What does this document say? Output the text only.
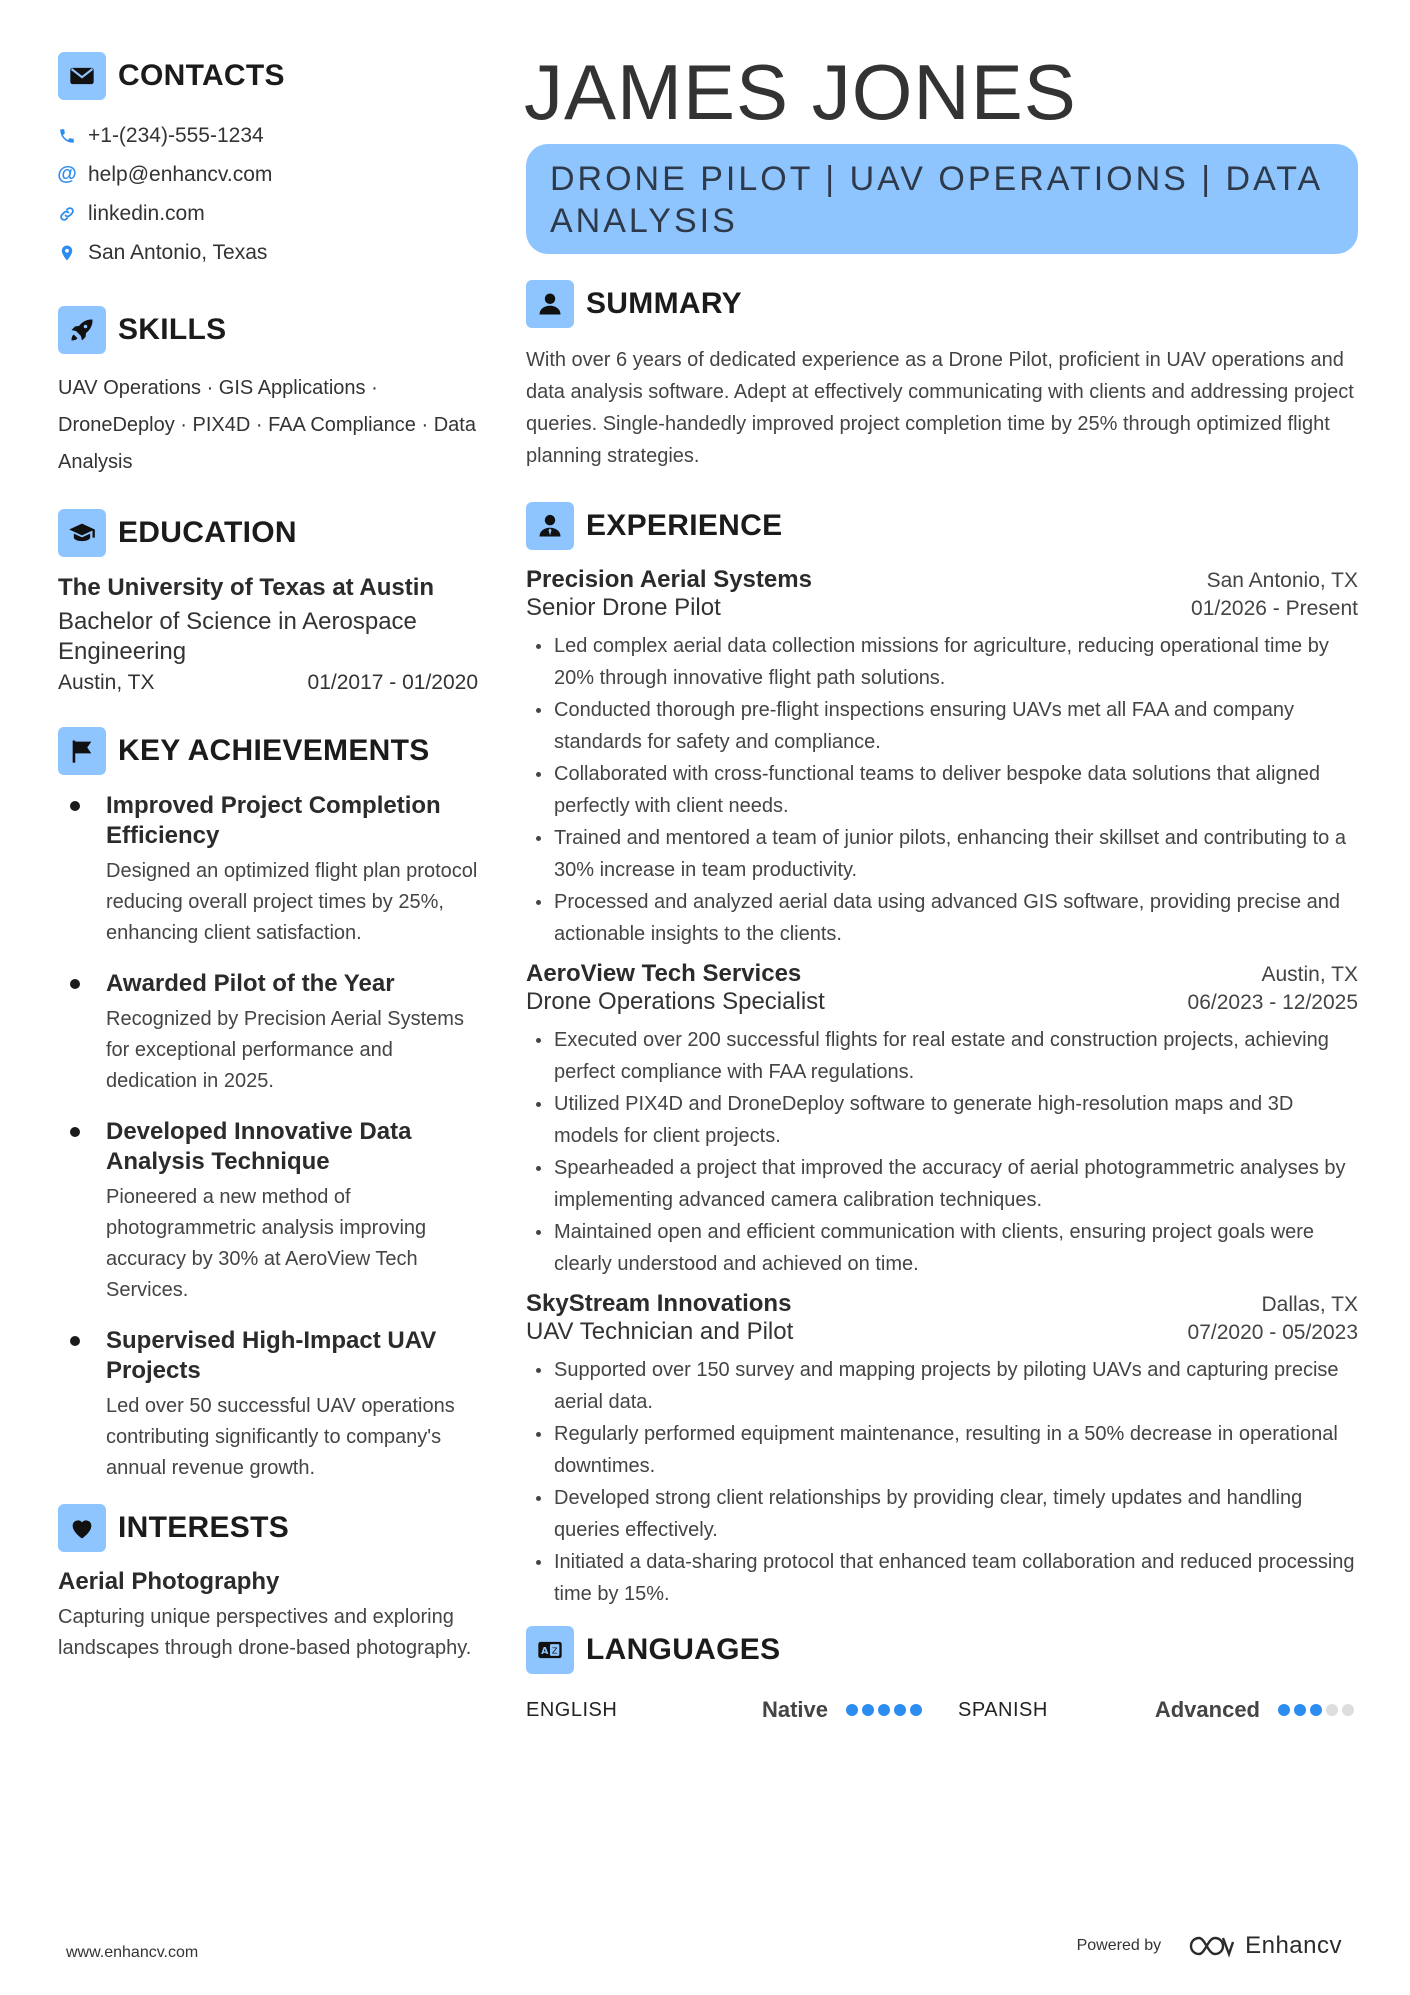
CONTACTS
+1-(234)-555-1234
@ help@enhancv.com
linkedin.com
San Antonio, Texas
SKILLS
UAV Operations · GIS Applications · DroneDeploy · PIX4D · FAA Compliance · Data Analysis
EDUCATION
The University of Texas at Austin
Bachelor of Science in Aerospace Engineering
Austin, TX	01/2017 - 01/2020
KEY ACHIEVEMENTS
Improved Project Completion Efficiency
Designed an optimized flight plan protocol reducing overall project times by 25%, enhancing client satisfaction.
Awarded Pilot of the Year
Recognized by Precision Aerial Systems for exceptional performance and dedication in 2025.
Developed Innovative Data Analysis Technique
Pioneered a new method of photogrammetric analysis improving accuracy by 30% at AeroView Tech Services.
Supervised High-Impact UAV Projects
Led over 50 successful UAV operations contributing significantly to company's annual revenue growth.
INTERESTS
Aerial Photography
Capturing unique perspectives and exploring landscapes through drone-based photography.
JAMES JONES
DRONE PILOT | UAV OPERATIONS | DATA ANALYSIS
SUMMARY
With over 6 years of dedicated experience as a Drone Pilot, proficient in UAV operations and data analysis software. Adept at effectively communicating with clients and addressing project queries. Single-handedly improved project completion time by 25% through optimized flight planning strategies.
EXPERIENCE
Precision Aerial Systems	San Antonio, TX
Senior Drone Pilot	01/2026 - Present
Led complex aerial data collection missions for agriculture, reducing operational time by 20% through innovative flight path solutions.
Conducted thorough pre-flight inspections ensuring UAVs met all FAA and company standards for safety and compliance.
Collaborated with cross-functional teams to deliver bespoke data solutions that aligned perfectly with client needs.
Trained and mentored a team of junior pilots, enhancing their skillset and contributing to a 30% increase in team productivity.
Processed and analyzed aerial data using advanced GIS software, providing precise and actionable insights to the clients.
AeroView Tech Services	Austin, TX
Drone Operations Specialist	06/2023 - 12/2025
Executed over 200 successful flights for real estate and construction projects, achieving perfect compliance with FAA regulations.
Utilized PIX4D and DroneDeploy software to generate high-resolution maps and 3D models for client projects.
Spearheaded a project that improved the accuracy of aerial photogrammetric analyses by implementing advanced camera calibration techniques.
Maintained open and efficient communication with clients, ensuring project goals were clearly understood and achieved on time.
SkyStream Innovations	Dallas, TX
UAV Technician and Pilot	07/2020 - 05/2023
Supported over 150 survey and mapping projects by piloting UAVs and capturing precise aerial data.
Regularly performed equipment maintenance, resulting in a 50% decrease in operational downtimes.
Developed strong client relationships by providing clear, timely updates and handling queries effectively.
Initiated a data-sharing protocol that enhanced team collaboration and reduced processing time by 15%.
A Z LANGUAGES
ENGLISH	Native	SPANISH	Advanced
www.enhancv.com	Powered by	Enhancv
